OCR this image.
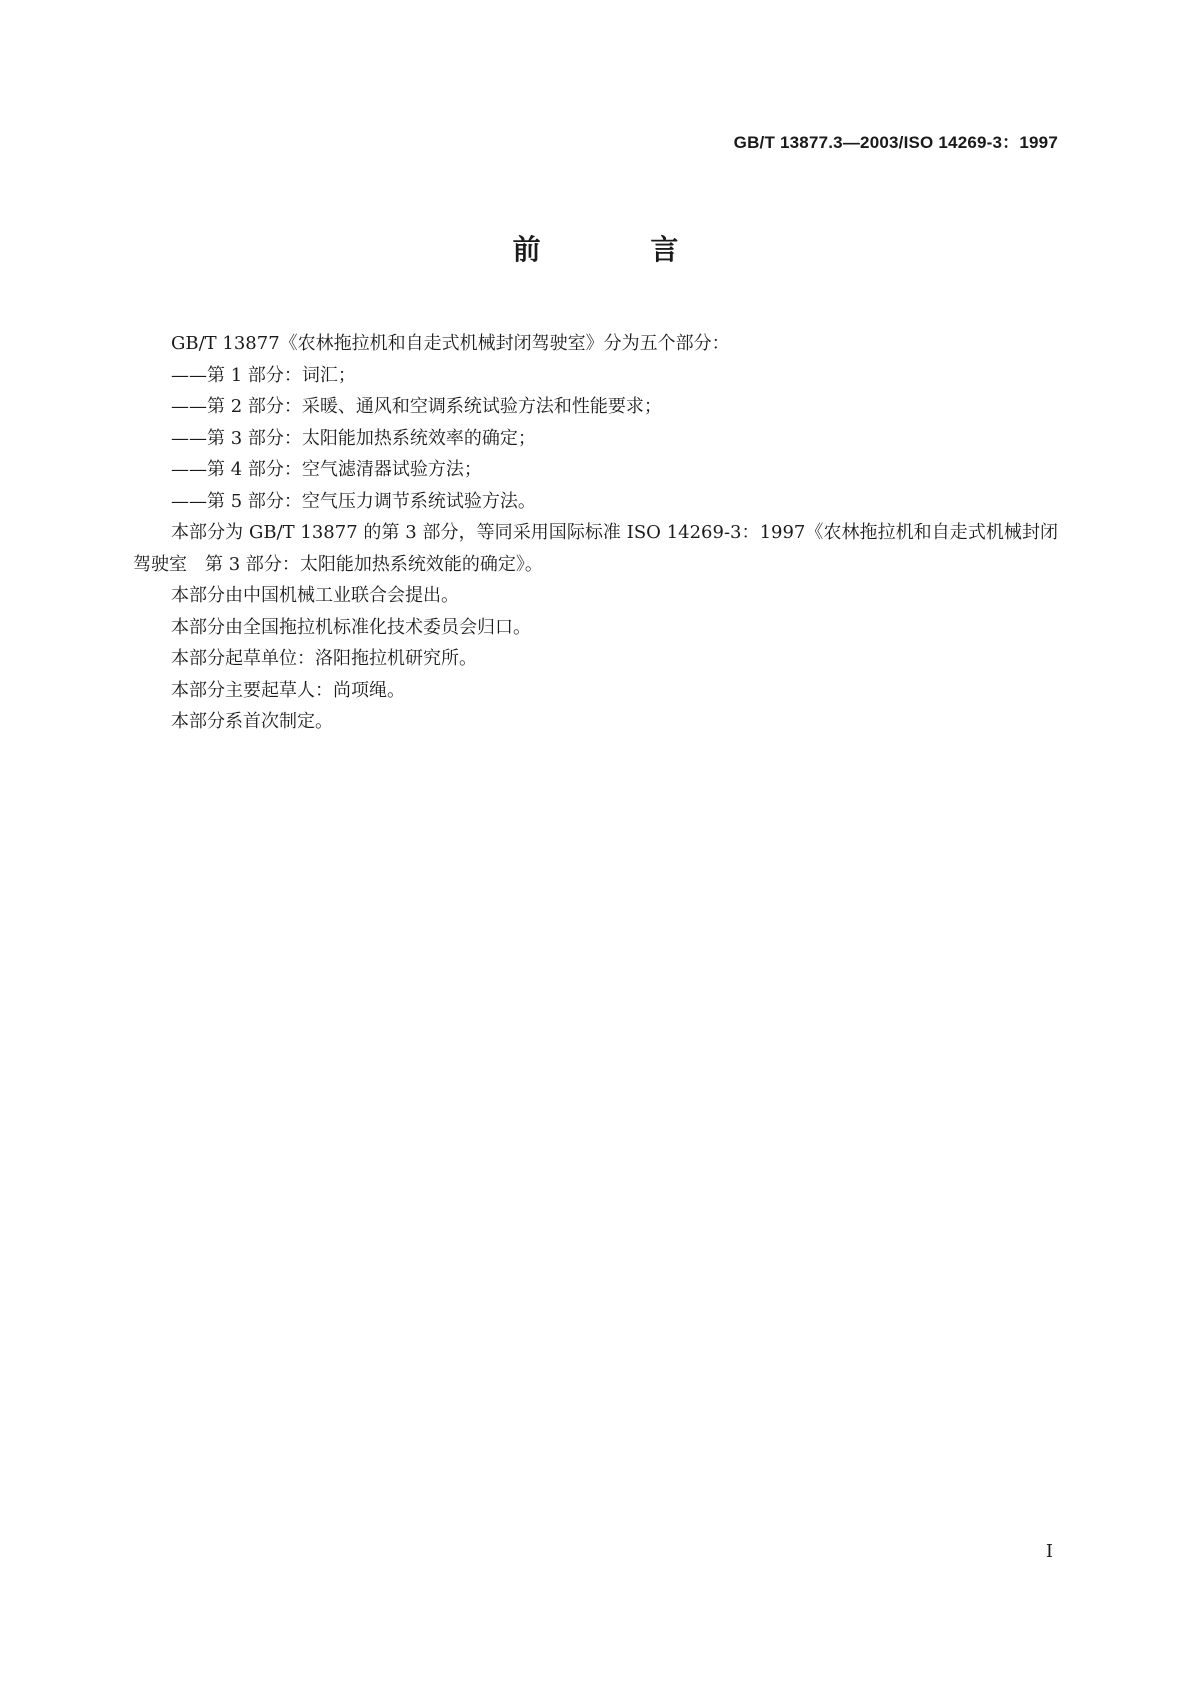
GB/T 13877.3—2003/ISO 14269-3：1997
前 言

GB/T 13877《农林拖拉机和自走式机械封闭驾驶室》分为五个部分：

——第 1 部分：词汇；

——第 2 部分：采暖、通风和空调系统试验方法和性能要求；

——第 3 部分：太阳能加热系统效率的确定；

——第 4 部分：空气滤清器试验方法；

——第 5 部分：空气压力调节系统试验方法。

本部分为 GB/T 13877 的第 3 部分，等同采用国际标准 ISO 14269-3：1997《农林拖拉机和自走式机械封闭驾驶室　第 3 部分：太阳能加热系统效能的确定》。

本部分由中国机械工业联合会提出。

本部分由全国拖拉机标准化技术委员会归口。

本部分起草单位：洛阳拖拉机研究所。

本部分主要起草人：尚项绳。

本部分系首次制定。

I
